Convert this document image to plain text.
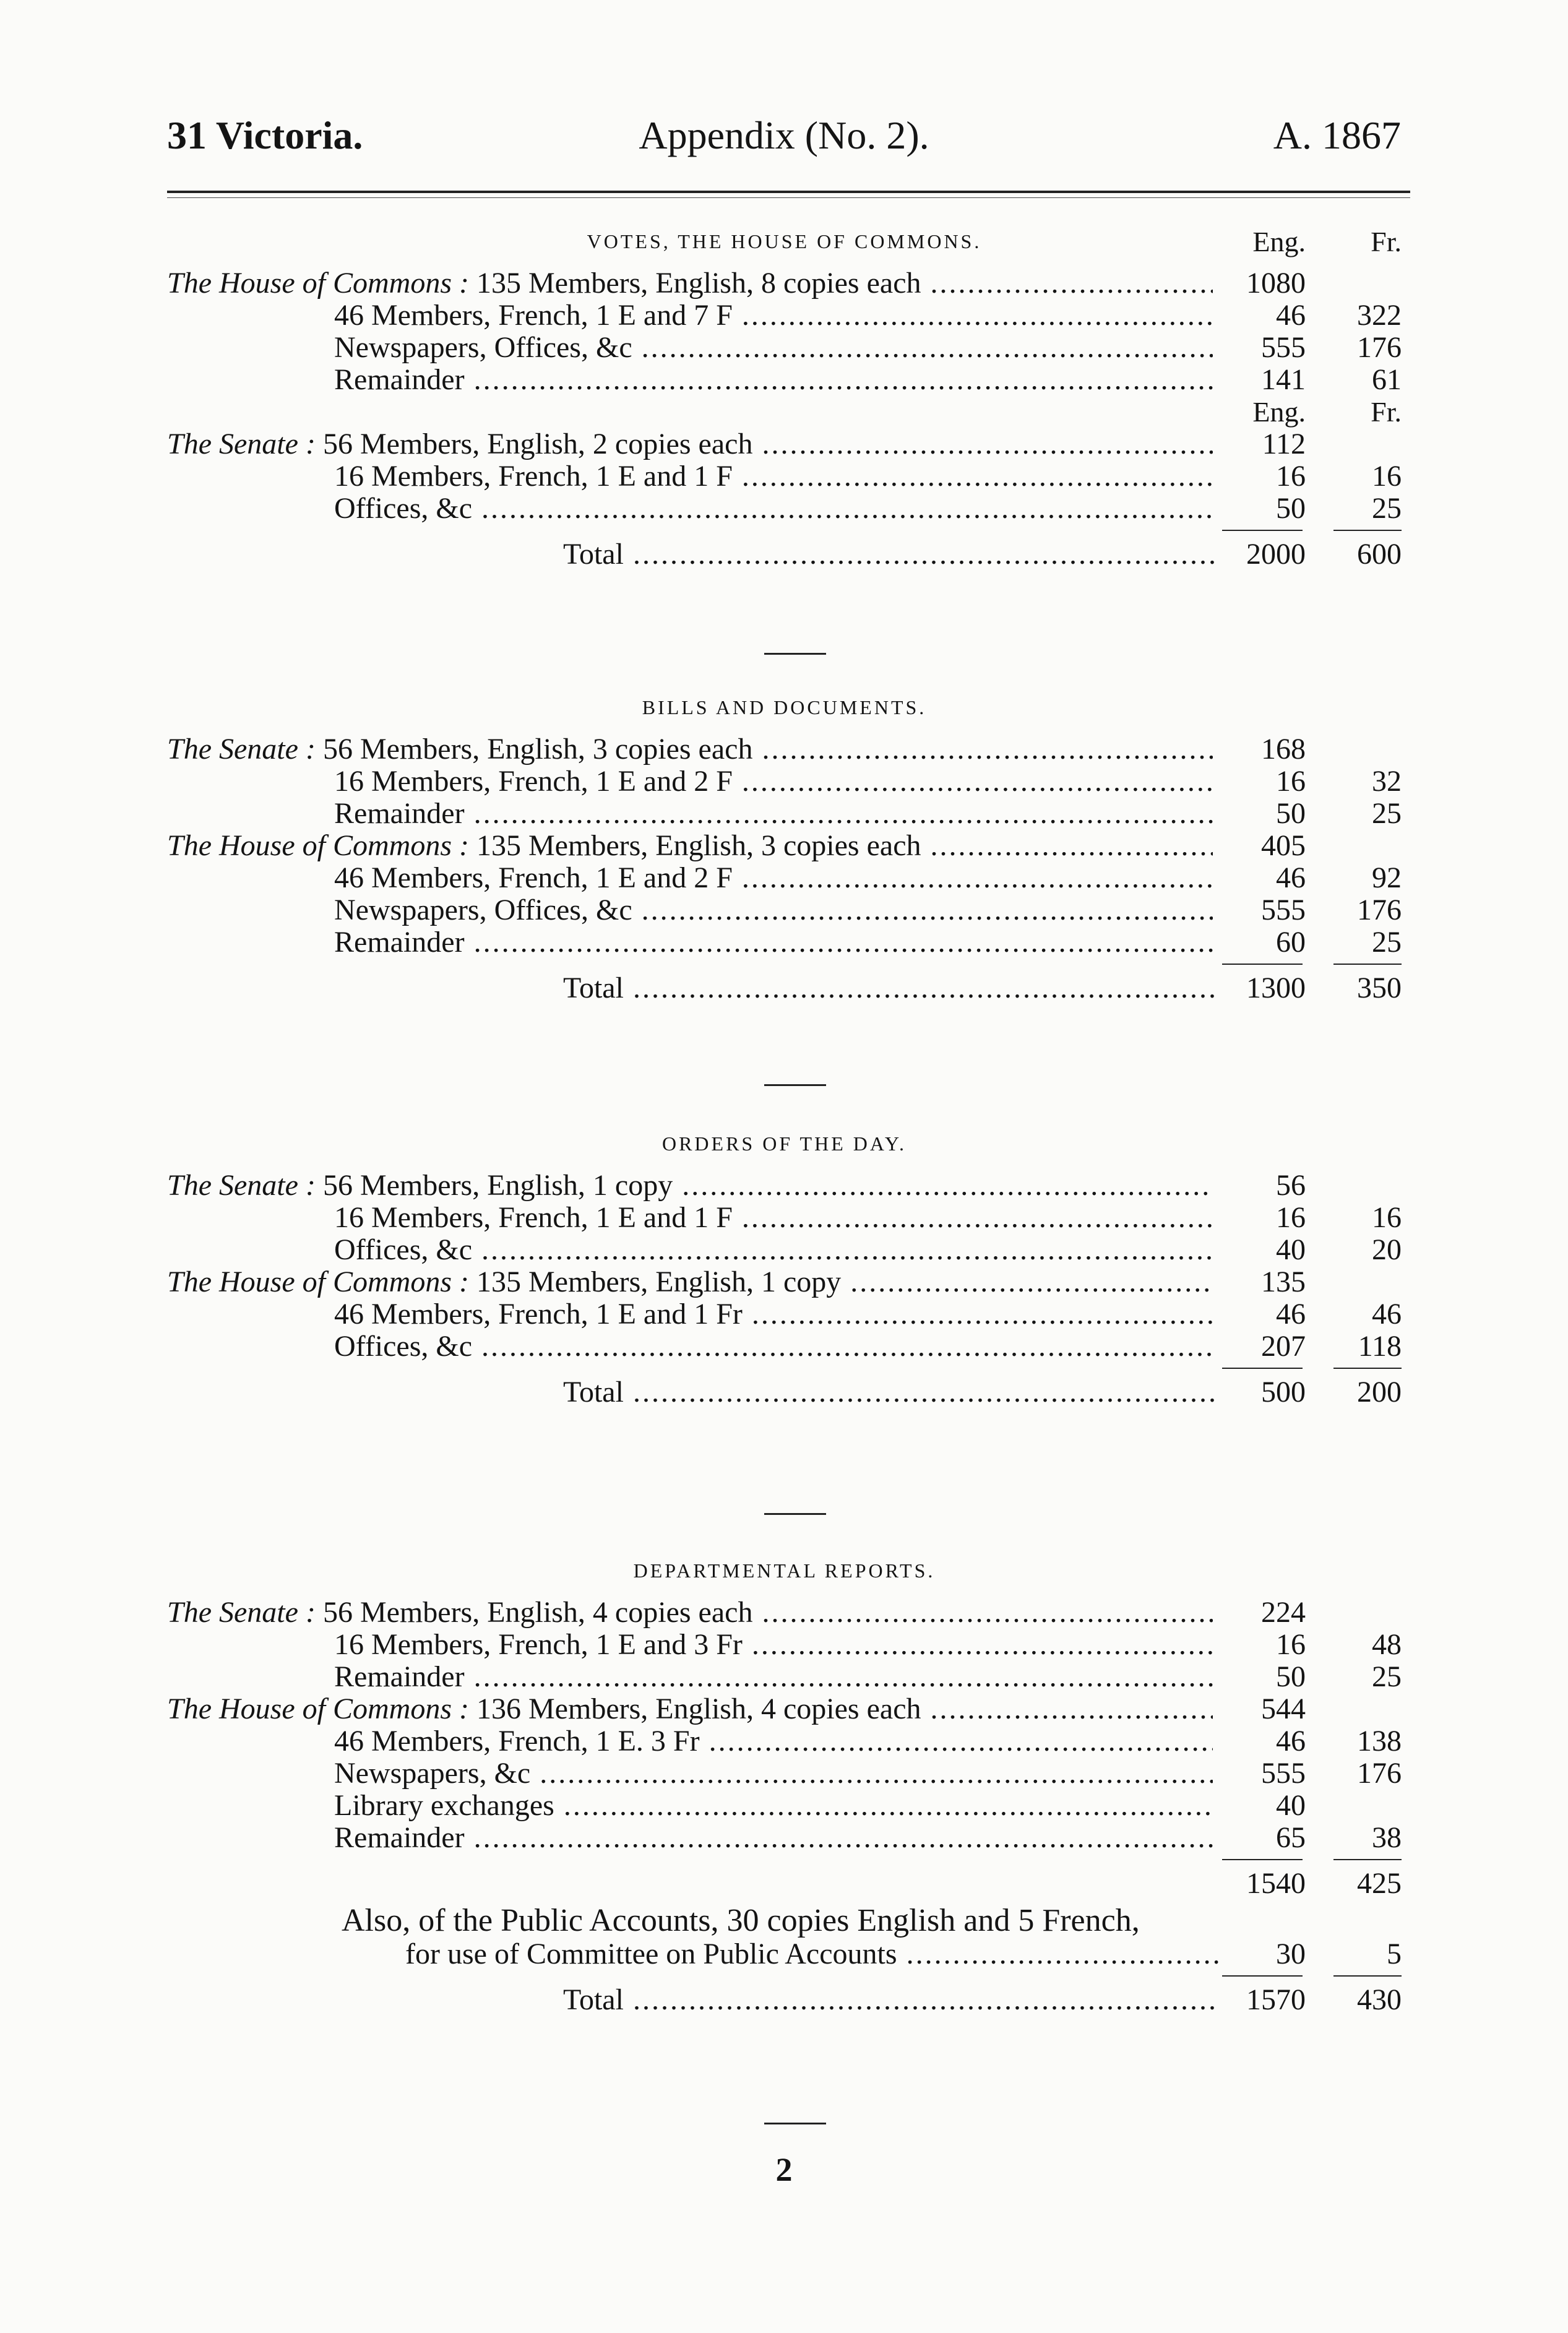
31 Victoria.	Appendix (No. 2).	A. 1867
VOTES, THE HOUSE OF COMMONS.	Eng.	Fr.
The House of Commons : 135 Members, English, 8 copies each .....	1080
46 Members, French, 1 E and 7 F .....	46	322
Newspapers, Offices, &c .....	555	176
Remainder .....	141	61
Eng.	Fr.
The Senate : 56 Members, English, 2 copies each .....	112
16 Members, French, 1 E and 1 F .....	16	16
Offices, &c .....	50	25
Total .....	2000	600
BILLS AND DOCUMENTS.
The Senate : 56 Members, English, 3 copies each .....	168
16 Members, French, 1 E and 2 F .....	16	32
Remainder .....	50	25
The House of Commons : 135 Members, English, 3 copies each .....	405
46 Members, French, 1 E and 2 F .....	46	92
Newspapers, Offices, &c .....	555	176
Remainder .....	60	25
Total .....	1300	350
ORDERS OF THE DAY.
The Senate : 56 Members, English, 1 copy .....	56
16 Members, French, 1 E and 1 F .....	16	16
Offices, &c .....	40	20
The House of Commons : 135 Members, English, 1 copy .....	135
46 Members, French, 1 E and 1 Fr .....	46	46
Offices, &c .....	207	118
Total .....	500	200
DEPARTMENTAL REPORTS.
The Senate : 56 Members, English, 4 copies each .....	224
16 Members, French, 1 E and 3 Fr .....	16	48
Remainder .....	50	25
The House of Commons : 136 Members, English, 4 copies each .....	544
46 Members, French, 1 E. 3 Fr .....	46	138
Newspapers, &c .....	555	176
Library exchanges .....	40
Remainder .....	65	38
1540	425
Also, of the Public Accounts, 30 copies English and 5 French,
for use of Committee on Public Accounts .....	30	5
Total .....	1570	430
2
